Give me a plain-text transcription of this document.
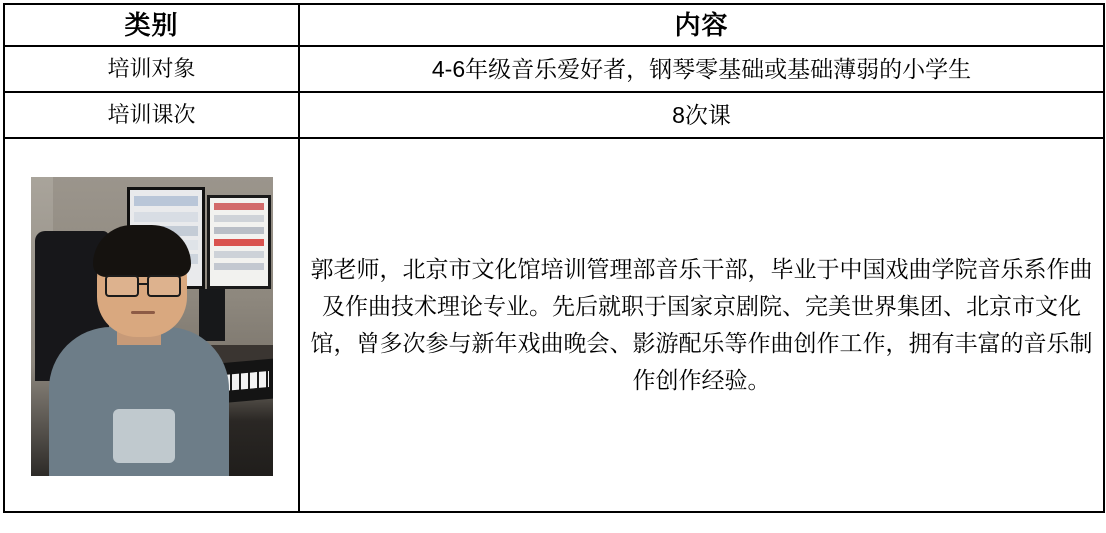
类别	内容
培训对象	4-6年级音乐爱好者，钢琴零基础或基础薄弱的小学生
培训课次	8次课

	郭老师，北京市文化馆培训管理部音乐干部，毕业于中国戏曲学院音乐系作曲及作曲技术理论专业。先后就职于国家京剧院、完美世界集团、北京市文化馆，曾多次参与新年戏曲晚会、影游配乐等作曲创作工作，拥有丰富的音乐制作创作经验。
